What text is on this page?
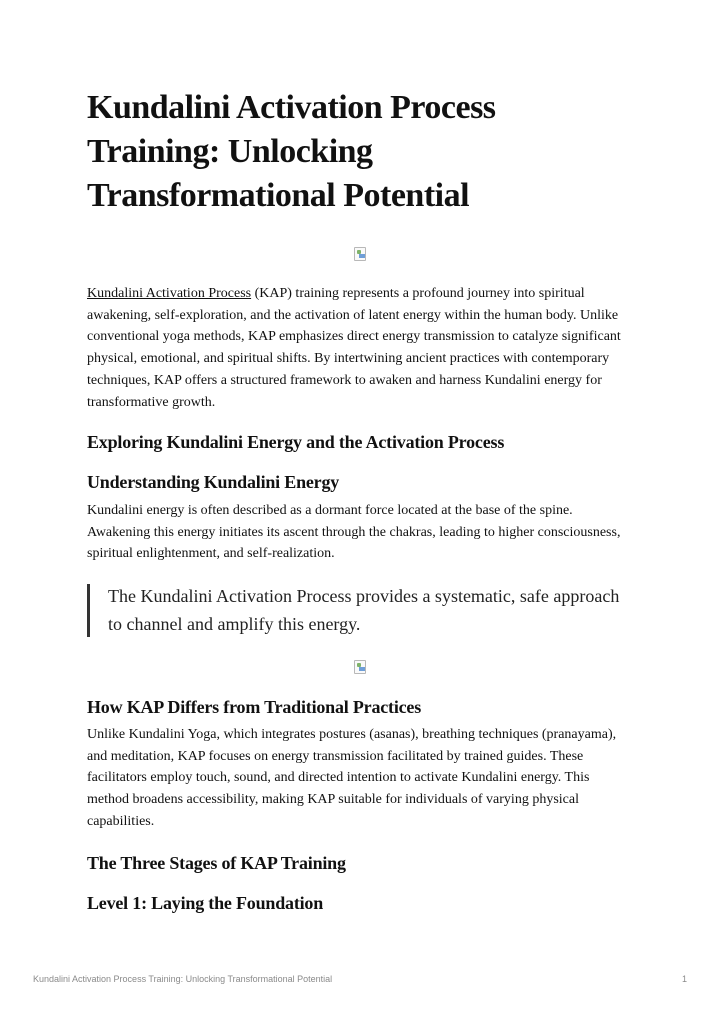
Kundalini Activation Process Training: Unlocking Transformational Potential

Kundalini Activation Process (KAP) training represents a profound journey into spiritual awakening, self-exploration, and the activation of latent energy within the human body. Unlike conventional yoga methods, KAP emphasizes direct energy transmission to catalyze significant physical, emotional, and spiritual shifts. By intertwining ancient practices with contemporary techniques, KAP offers a structured framework to awaken and harness Kundalini energy for transformative growth.

Exploring Kundalini Energy and the Activation Process
Understanding Kundalini Energy

Kundalini energy is often described as a dormant force located at the base of the spine. Awakening this energy initiates its ascent through the chakras, leading to higher consciousness, spiritual enlightenment, and self-realization.

The Kundalini Activation Process provides a systematic, safe approach to channel and amplify this energy.
How KAP Differs from Traditional Practices

Unlike Kundalini Yoga, which integrates postures (asanas), breathing techniques (pranayama), and meditation, KAP focuses on energy transmission facilitated by trained guides. These facilitators employ touch, sound, and directed intention to activate Kundalini energy. This method broadens accessibility, making KAP suitable for individuals of varying physical capabilities.

The Three Stages of KAP Training
Level 1: Laying the Foundation
Kundalini Activation Process Training: Unlocking Transformational Potential	1
